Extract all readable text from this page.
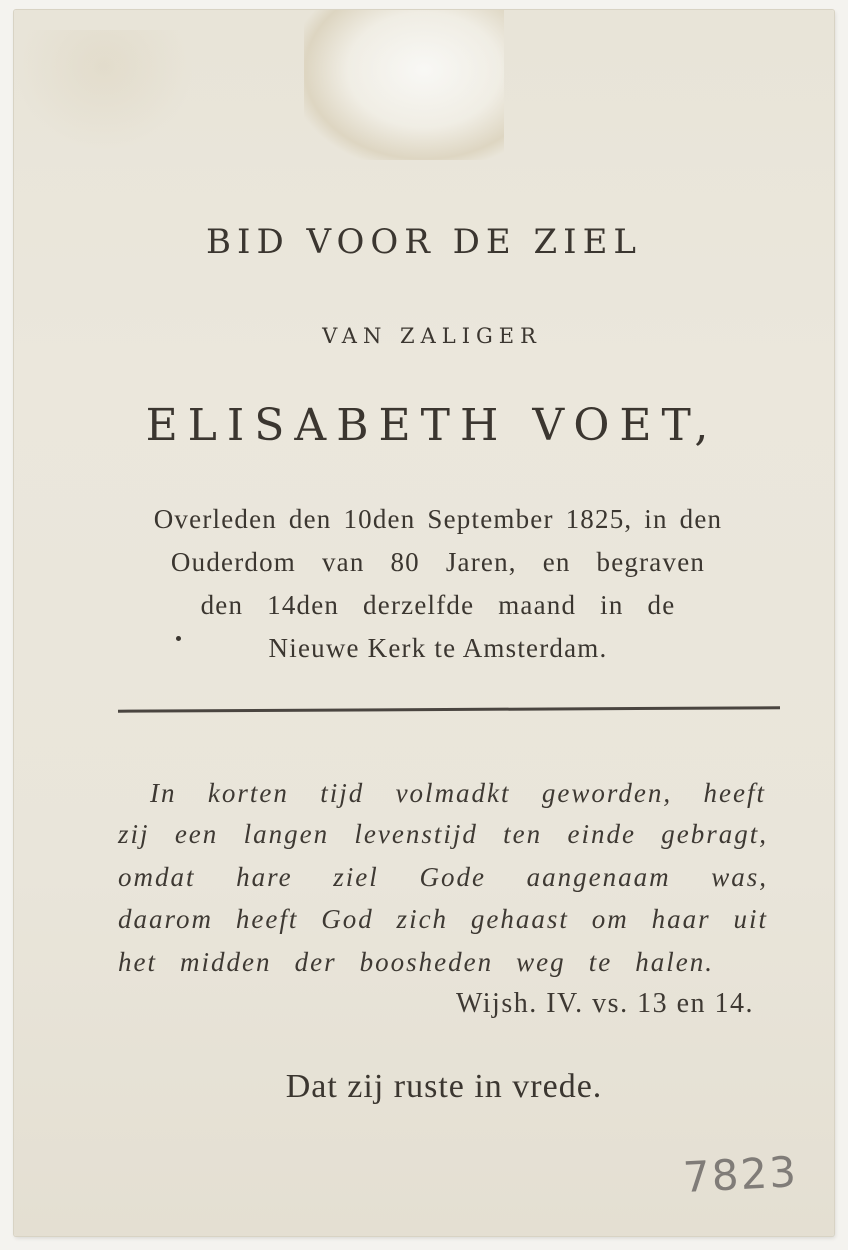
BID VOOR DE ZIEL
VAN ZALIGER
ELISABETH VOET,
Overleden den 10den September 1825, in den
Ouderdom van 80 Jaren, en begraven
den 14den derzelfde maand in de
Nieuwe Kerk te Amsterdam.
In korten tijd volmadkt geworden, heeft
zij een langen levenstijd ten einde gebragt,
omdat hare ziel Gode aangenaam was,
daarom heeft God zich gehaast om haar uit
het midden der boosheden weg te halen.
Wijsh. IV. vs. 13 en 14.
Dat zij ruste in vrede.
7823
